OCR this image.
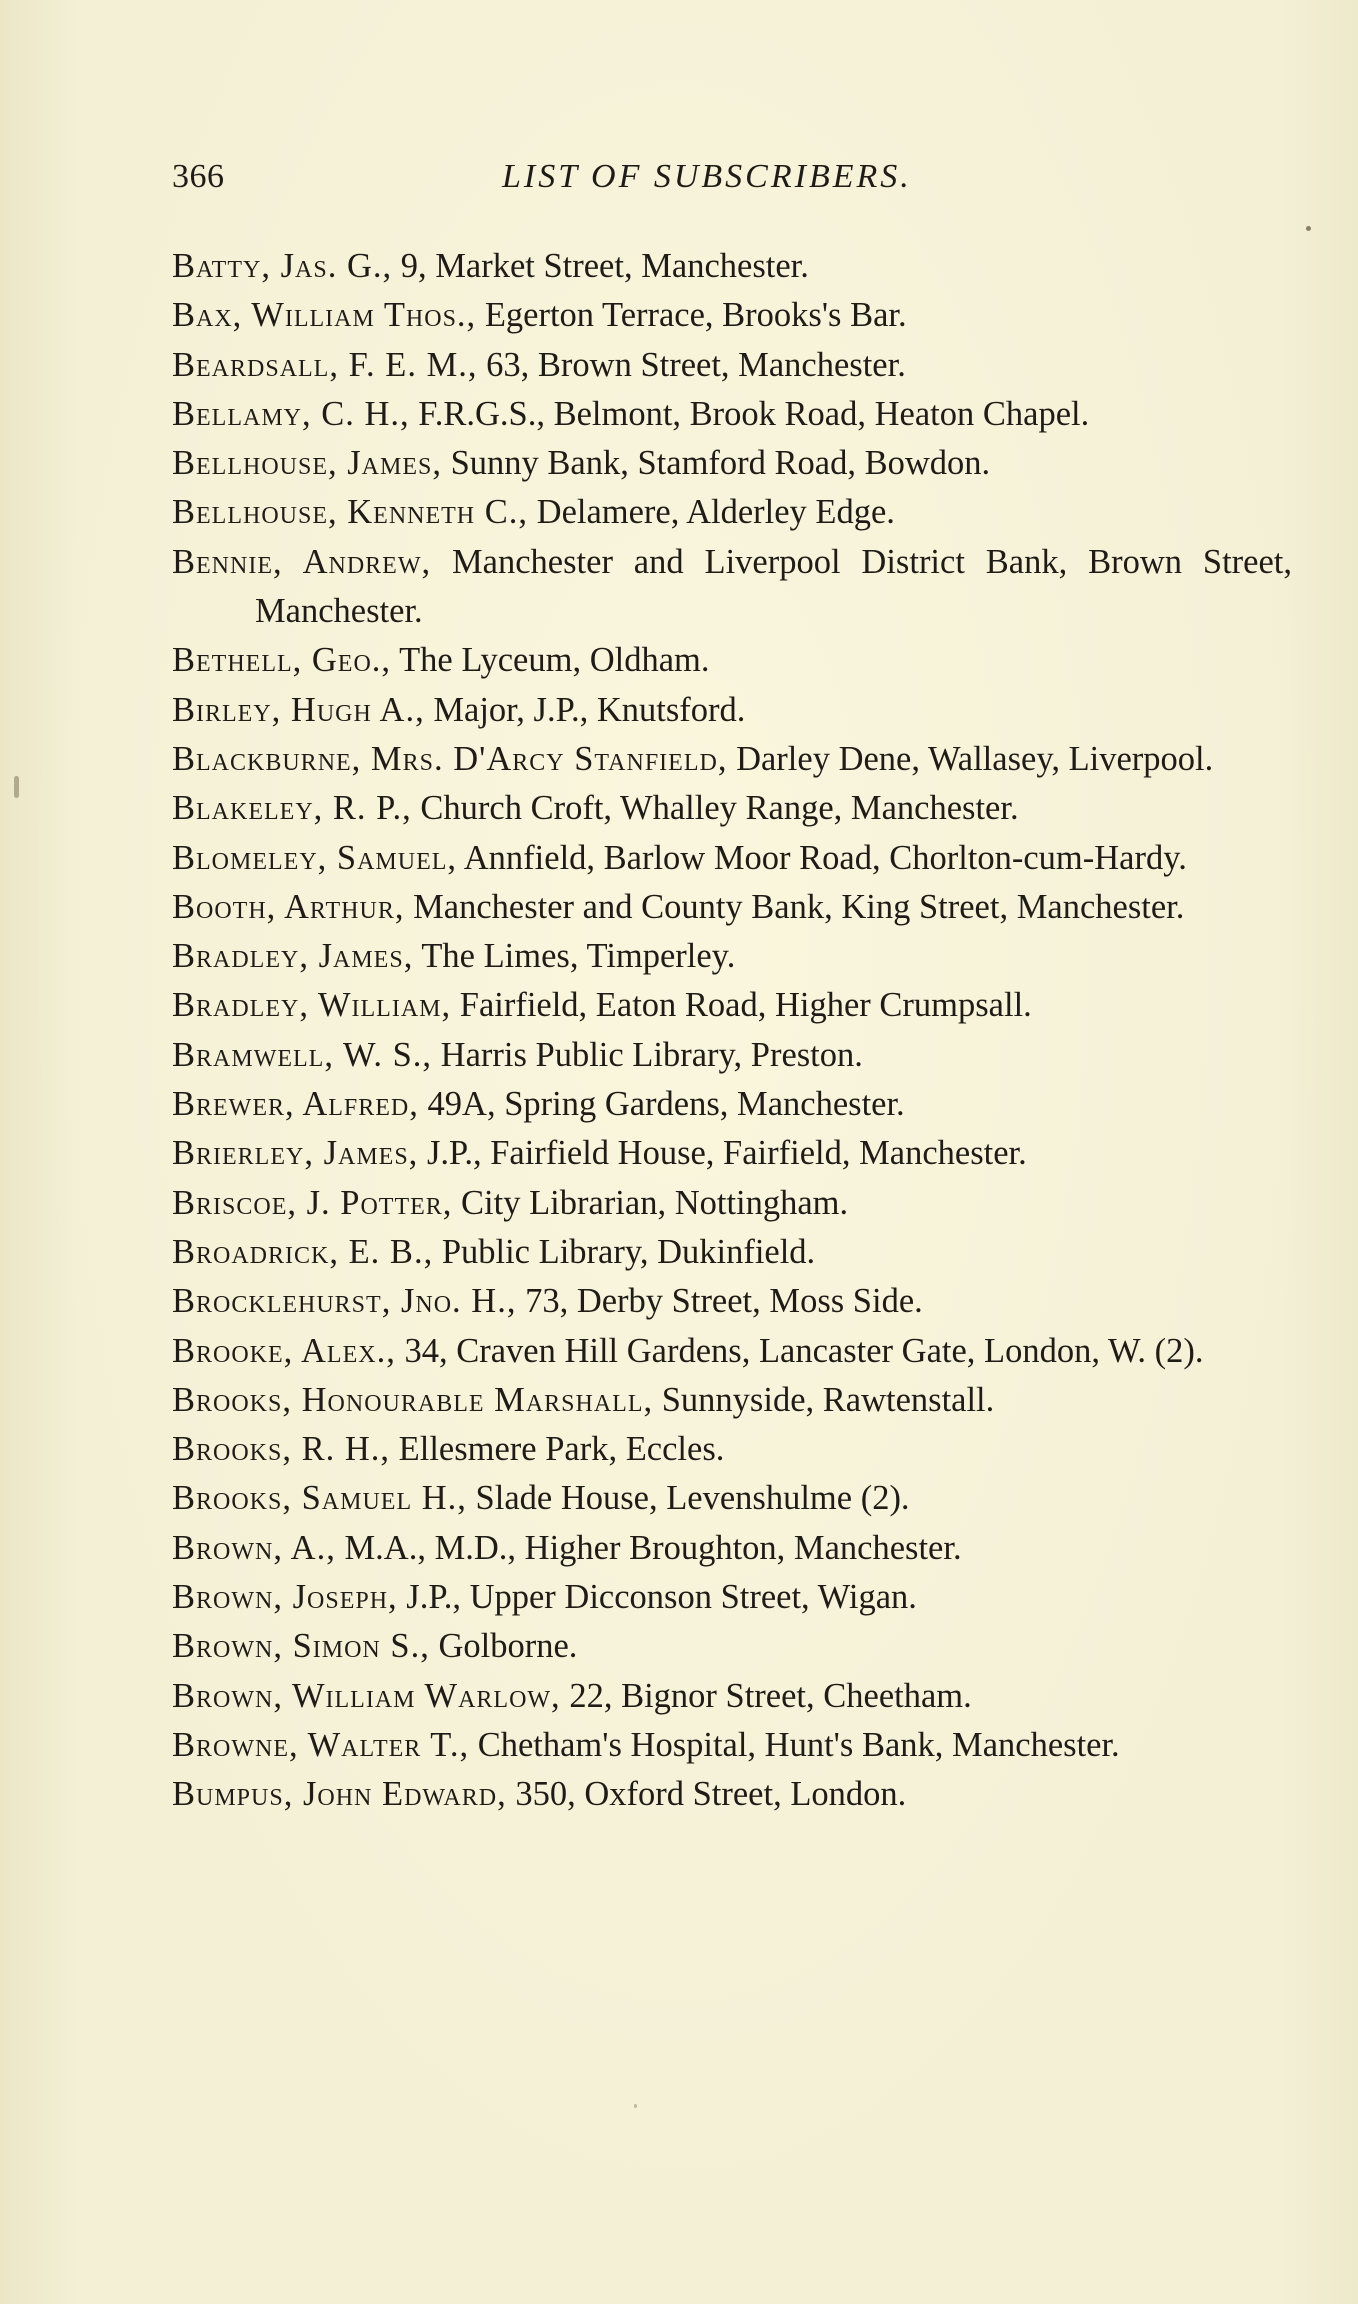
366	LIST OF SUBSCRIBERS.
Batty, Jas. G., 9, Market Street, Manchester.
Bax, William Thos., Egerton Terrace, Brooks's Bar.
Beardsall, F. E. M., 63, Brown Street, Manchester.
Bellamy, C. H., F.R.G.S., Belmont, Brook Road, Heaton Chapel.
Bellhouse, James, Sunny Bank, Stamford Road, Bowdon.
Bellhouse, Kenneth C., Delamere, Alderley Edge.
Bennie, Andrew, Manchester and Liverpool District Bank, Brown Street, Manchester.
Bethell, Geo., The Lyceum, Oldham.
Birley, Hugh A., Major, J.P., Knutsford.
Blackburne, Mrs. D'Arcy Stanfield, Darley Dene, Wallasey, Liverpool.
Blakeley, R. P., Church Croft, Whalley Range, Manchester.
Blomeley, Samuel, Annfield, Barlow Moor Road, Chorlton-cum-Hardy.
Booth, Arthur, Manchester and County Bank, King Street, Manchester.
Bradley, James, The Limes, Timperley.
Bradley, William, Fairfield, Eaton Road, Higher Crumpsall.
Bramwell, W. S., Harris Public Library, Preston.
Brewer, Alfred, 49A, Spring Gardens, Manchester.
Brierley, James, J.P., Fairfield House, Fairfield, Manchester.
Briscoe, J. Potter, City Librarian, Nottingham.
Broadrick, E. B., Public Library, Dukinfield.
Brocklehurst, Jno. H., 73, Derby Street, Moss Side.
Brooke, Alex., 34, Craven Hill Gardens, Lancaster Gate, London, W. (2).
Brooks, Honourable Marshall, Sunnyside, Rawtenstall.
Brooks, R. H., Ellesmere Park, Eccles.
Brooks, Samuel H., Slade House, Levenshulme (2).
Brown, A., M.A., M.D., Higher Broughton, Manchester.
Brown, Joseph, J.P., Upper Dicconson Street, Wigan.
Brown, Simon S., Golborne.
Brown, William Warlow, 22, Bignor Street, Cheetham.
Browne, Walter T., Chetham's Hospital, Hunt's Bank, Manchester.
Bumpus, John Edward, 350, Oxford Street, London.
